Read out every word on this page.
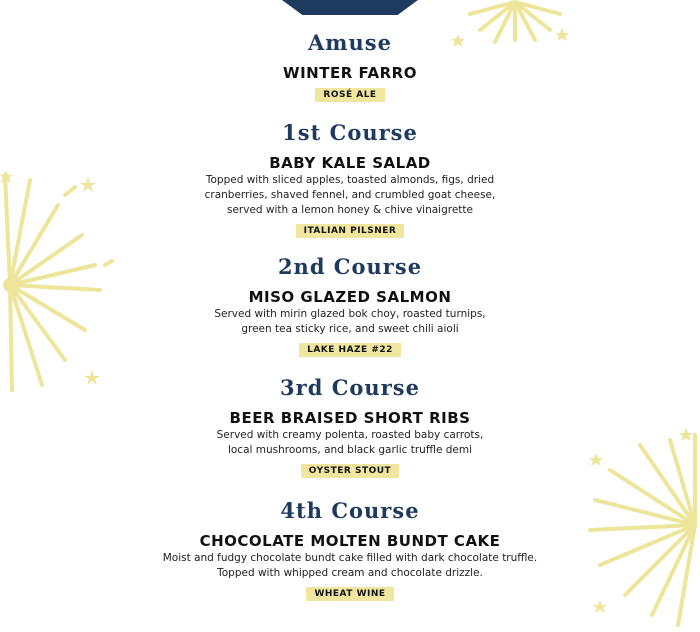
Amuse
WINTER FARRO
ROSÉ ALE
1st Course
BABY KALE SALAD
Topped with sliced apples, toasted almonds, figs, dried
cranberries, shaved fennel, and crumbled goat cheese,
served with a lemon honey & chive vinaigrette
ITALIAN PILSNER
2nd Course
MISO GLAZED SALMON
Served with mirin glazed bok choy, roasted turnips,
green tea sticky rice, and sweet chili aioli
LAKE HAZE #22
3rd Course
BEER BRAISED SHORT RIBS
Served with creamy polenta, roasted baby carrots,
local mushrooms, and black garlic truffle demi
OYSTER STOUT
4th Course
CHOCOLATE MOLTEN BUNDT CAKE
Moist and fudgy chocolate bundt cake filled with dark chocolate truffle.
Topped with whipped cream and chocolate drizzle.
WHEAT WINE
